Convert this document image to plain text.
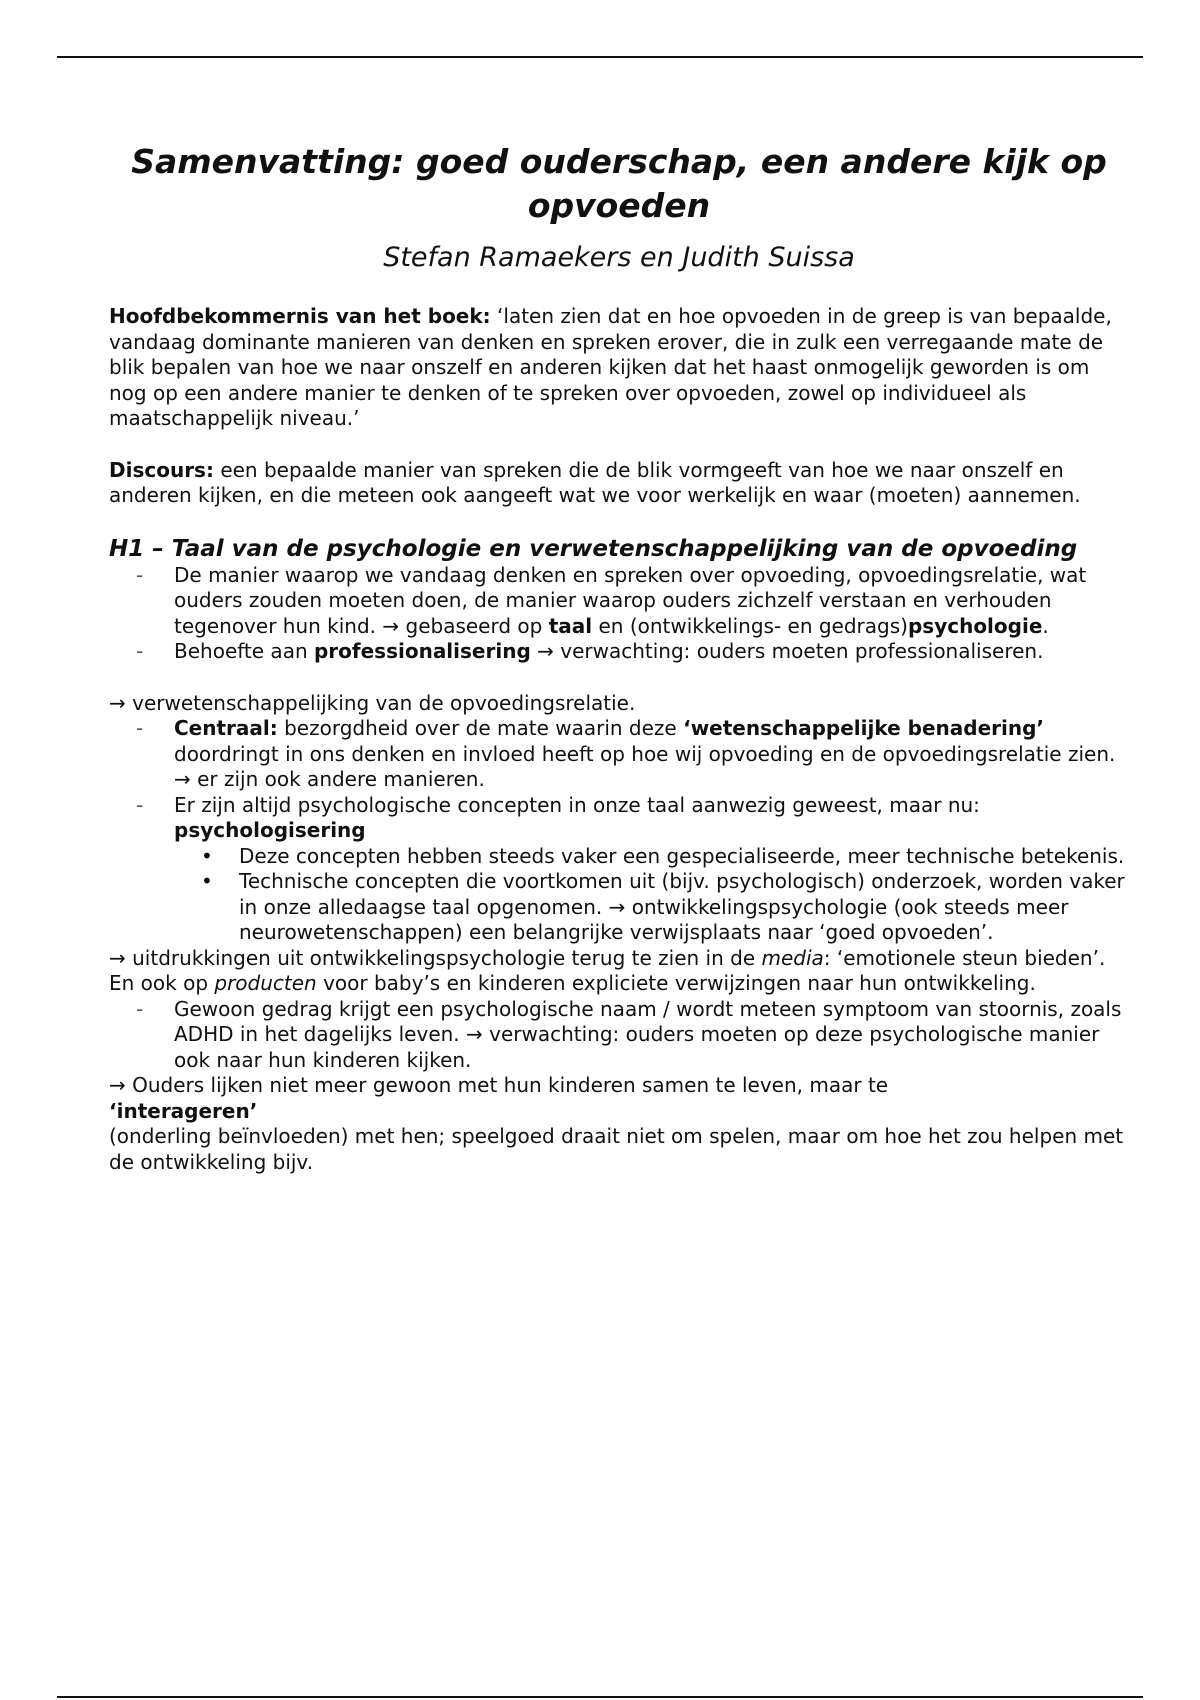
Samenvatting: goed ouderschap, een andere kijk op opvoeden
Stefan Ramaekers en Judith Suissa

Hoofdbekommernis van het boek: ‘laten zien dat en hoe opvoeden in de greep is van bepaalde, vandaag dominante manieren van denken en spreken erover, die in zulk een verregaande mate de blik bepalen van hoe we naar onszelf en anderen kijken dat het haast onmogelijk geworden is om nog op een andere manier te denken of te spreken over opvoeden, zowel op individueel als maatschappelijk niveau.’

Discours: een bepaalde manier van spreken die de blik vormgeeft van hoe we naar onszelf en anderen kijken, en die meteen ook aangeeft wat we voor werkelijk en waar (moeten) aannemen.

H1 – Taal van de psychologie en verwetenschappelijking van de opvoeding
- De manier waarop we vandaag denken en spreken over opvoeding, opvoedingsrelatie, wat ouders zouden moeten doen, de manier waarop ouders zichzelf verstaan en verhouden tegenover hun kind. → gebaseerd op taal en (ontwikkelings- en gedrags)psychologie.
- Behoefte aan professionalisering → verwachting: ouders moeten professionaliseren.

→ verwetenschappelijking van de opvoedingsrelatie.

- Centraal: bezorgdheid over de mate waarin deze ‘wetenschappelijke benadering’ doordringt in ons denken en invloed heeft op hoe wij opvoeding en de opvoedingsrelatie zien. → er zijn ook andere manieren.
- Er zijn altijd psychologische concepten in onze taal aanwezig geweest, maar nu: psychologisering
• Deze concepten hebben steeds vaker een gespecialiseerde, meer technische betekenis.
• Technische concepten die voortkomen uit (bijv. psychologisch) onderzoek, worden vaker in onze alledaagse taal opgenomen. → ontwikkelingspsychologie (ook steeds meer neurowetenschappen) een belangrijke verwijsplaats naar ‘goed opvoeden’.

→ uitdrukkingen uit ontwikkelingspsychologie terug te zien in de media: ‘emotionele steun bieden’. En ook op producten voor baby’s en kinderen expliciete verwijzingen naar hun ontwikkeling.

- Gewoon gedrag krijgt een psychologische naam / wordt meteen symptoom van stoornis, zoals ADHD in het dagelijks leven. → verwachting: ouders moeten op deze psychologische manier ook naar hun kinderen kijken.

→ Ouders lijken niet meer gewoon met hun kinderen samen te leven, maar te
‘interageren’

(onderling beïnvloeden) met hen; speelgoed draait niet om spelen, maar om hoe het zou helpen met de ontwikkeling bijv.
